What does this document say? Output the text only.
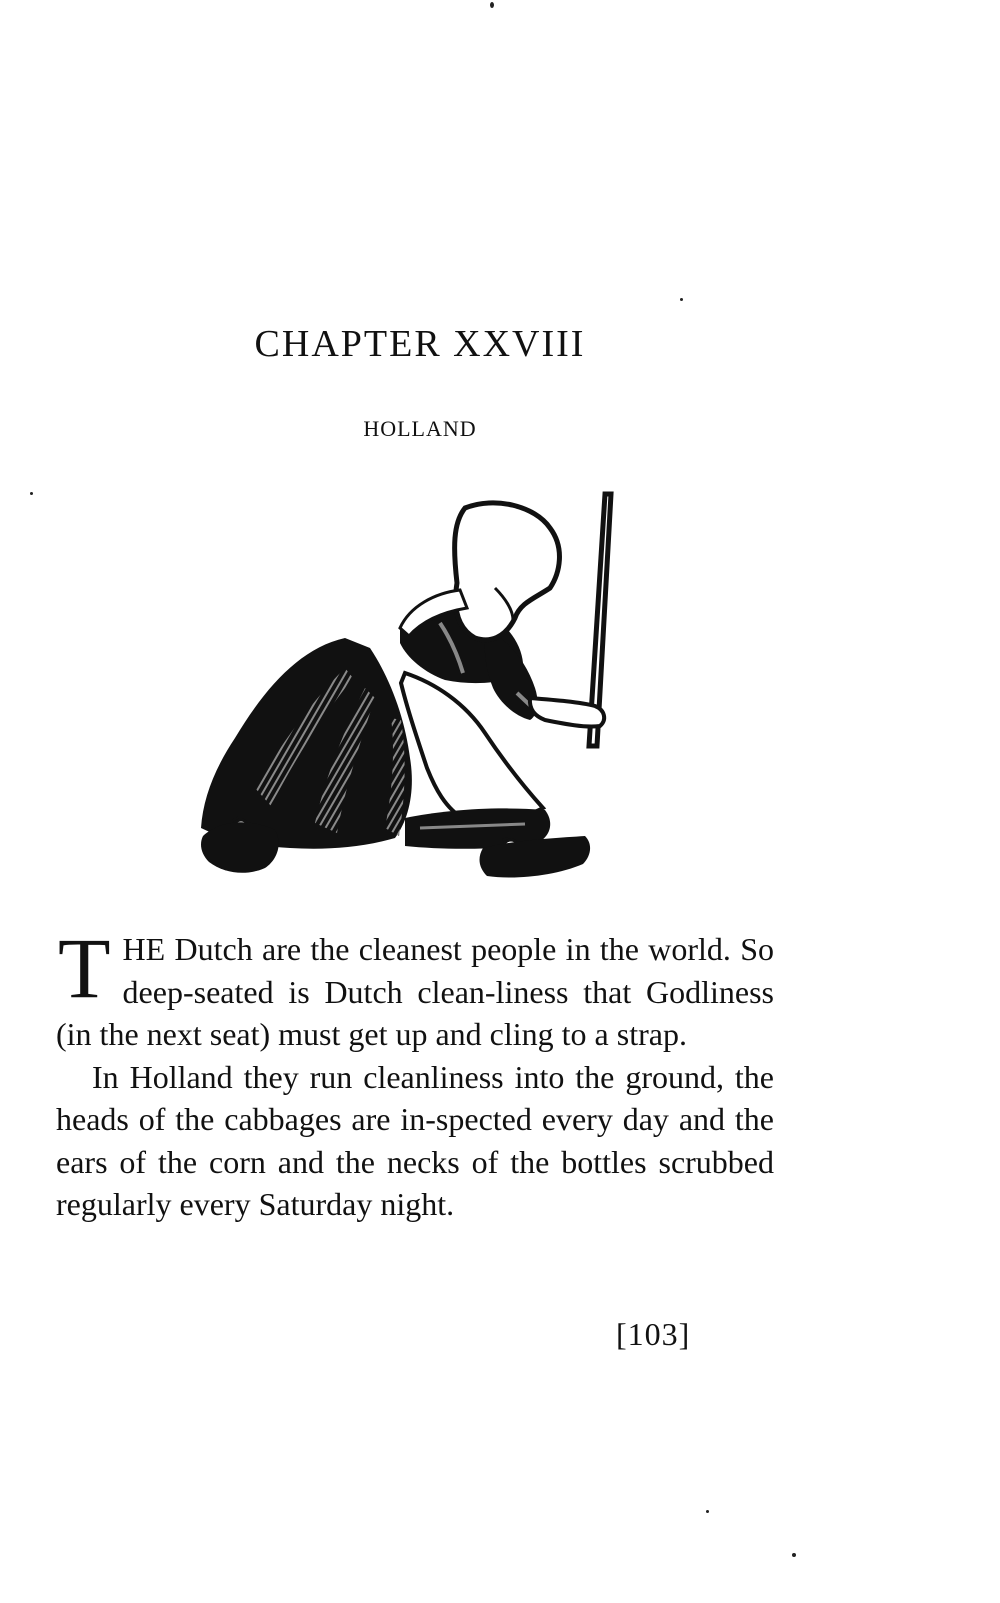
CHAPTER XXVIII
HOLLAND

THE Dutch are the cleanest people in the world. So deep-seated is Dutch clean-liness that Godliness (in the next seat) must get up and cling to a strap.

In Holland they run cleanliness into the ground, the heads of the cabbages are in-spected every day and the ears of the corn and the necks of the bottles scrubbed regularly every Saturday night.

[103]
